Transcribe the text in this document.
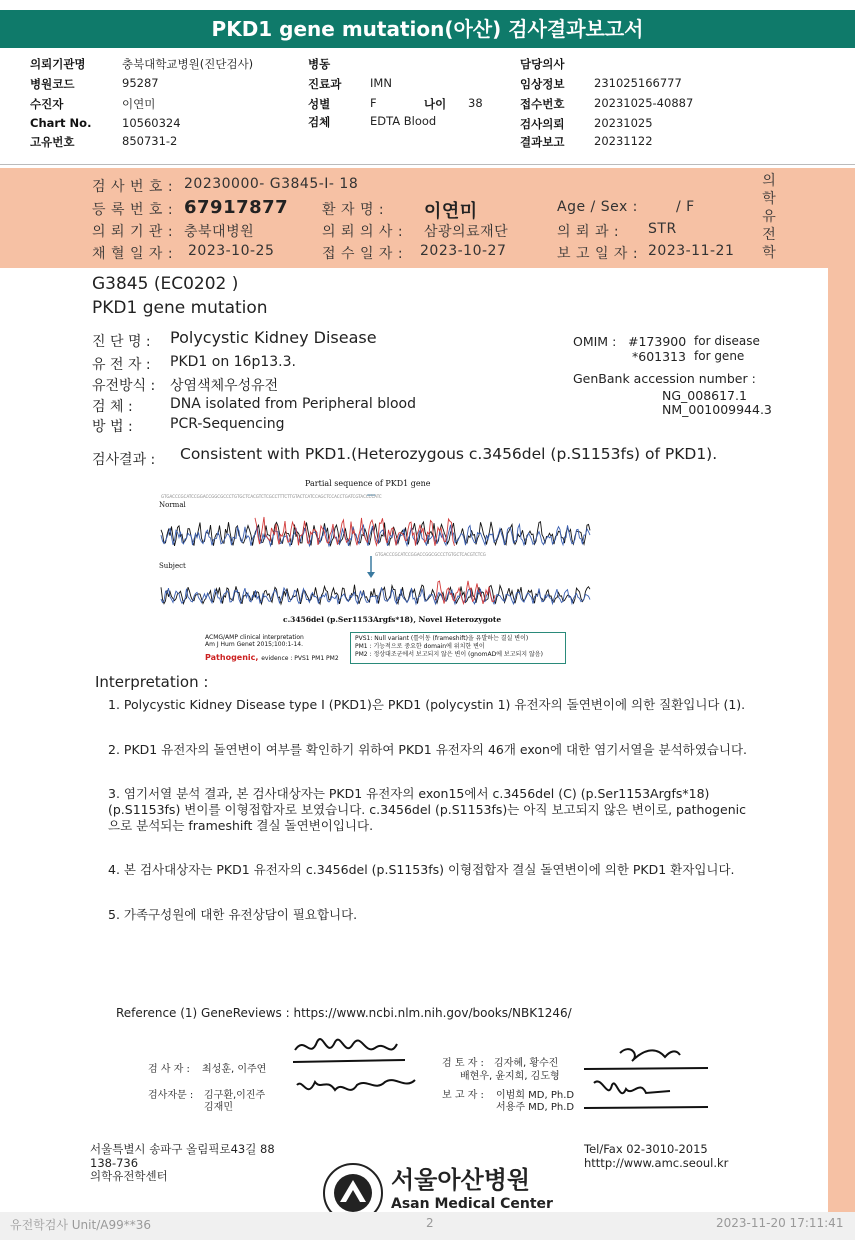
PKD1 gene mutation(아산) 검사결과보고서
의뢰기관명	충북대학교병원(진단검사)
병원코드	95287
수진자	이연미
Chart No.	10560324
고유번호	850731-2
병동
진료과 IMN
성별	F	나이 38
검체	EDTA Blood
담당의사
임상정보	231025166777
접수번호	20231025-40887
검사의뢰	20231025
결과보고	20231122
검 사 번 호 : 20230000- G3845-I- 18
등 록 번 호 : 67917877 환 자 명 : 이연미	Age / Sex :	/ F
의 뢰 기 관 : 충북대병원	의 뢰 의 사 : 삼광의료재단	의 뢰 과 : STR
채 혈 일 자 : 2023-10-25	접 수 일 자 : 2023-10-27	보 고 일 자 : 2023-11-21
의학유전학
G3845 (EC0202 )
PKD1 gene mutation
진 단 명 : Polycystic Kidney Disease
유 전 자 : PKD1 on 16p13.3.
유전방식 : 상염색체우성유전
검 체 :	DNA isolated from Peripheral blood
방 법 :	PCR-Sequencing
OMIM : #173900 for disease
*601313 for gene
GenBank accession number :
NG_008617.1
NM_001009944.3
검사결과 : Consistent with PKD1.(Heterozygous c.3456del (p.S1153fs) of PKD1).
Partial sequence of PKD1 gene
Normal
Subject
GTGACCCGCATCCGGACCGGCGCCCTGTGCTCACGTCTCGCCTTTCTTGTACTCATCCAGCTCCACCTGATCGTACCCCATC
GTGACCCGCATCCGGACCGGCGCCCTGTGCTCACGTCTCG
c.3456del (p.Ser1153Argfs*18), Novel Heterozygote
ACMG/AMP clinical interpretation
Am J Hum Genet 2015;100:1-14.
Pathogenic, evidence : PVS1 PM1 PM2
PVS1: Null variant (틀이동 (frameshift)을 유발하는 결실 변이)
PM1 : 기능적으로 중요한 domain에 위치한 변이
PM2 : 정상대조군에서 보고되지 않은 변이 (gnomAD에 보고되지 않음)
Interpretation :
1. Polycystic Kidney Disease type I (PKD1)은 PKD1 (polycystin 1) 유전자의 돌연변이에 의한 질환입니다 (1).
2. PKD1 유전자의 돌연변이 여부를 확인하기 위하여 PKD1 유전자의 46개 exon에 대한 염기서열을 분석하였습니다.
3. 염기서열 분석 결과, 본 검사대상자는 PKD1 유전자의 exon15에서 c.3456del (C) (p.Ser1153Argfs*18) (p.S1153fs) 변이를 이형접합자로 보였습니다. c.3456del (p.S1153fs)는 아직 보고되지 않은 변이로, pathogenic으로 분석되는 frameshift 결실 돌연변이입니다.
4. 본 검사대상자는 PKD1 유전자의 c.3456del (p.S1153fs) 이형접합자 결실 돌연변이에 의한 PKD1 환자입니다.
5. 가족구성원에 대한 유전상담이 필요합니다.
Reference (1) GeneReviews : https://www.ncbi.nlm.nih.gov/books/NBK1246/
검 사 자 : 최성훈, 이주연
검사자문 : 김구환,이진주
김재민
검 토 자 : 김자혜, 황수진
배현우, 윤지희, 김도형
보 고 자 : 이범희 MD, Ph.D
서용주 MD, Ph.D
서울특별시 송파구 올림픽로43길 88
138-736
의학유전학센터
Tel/Fax 02-3010-2015
htttp://www.amc.seoul.kr
서울아산병원
Asan Medical Center
유전학검사 Unit/A99**36	2	2023-11-20 17:11:41
